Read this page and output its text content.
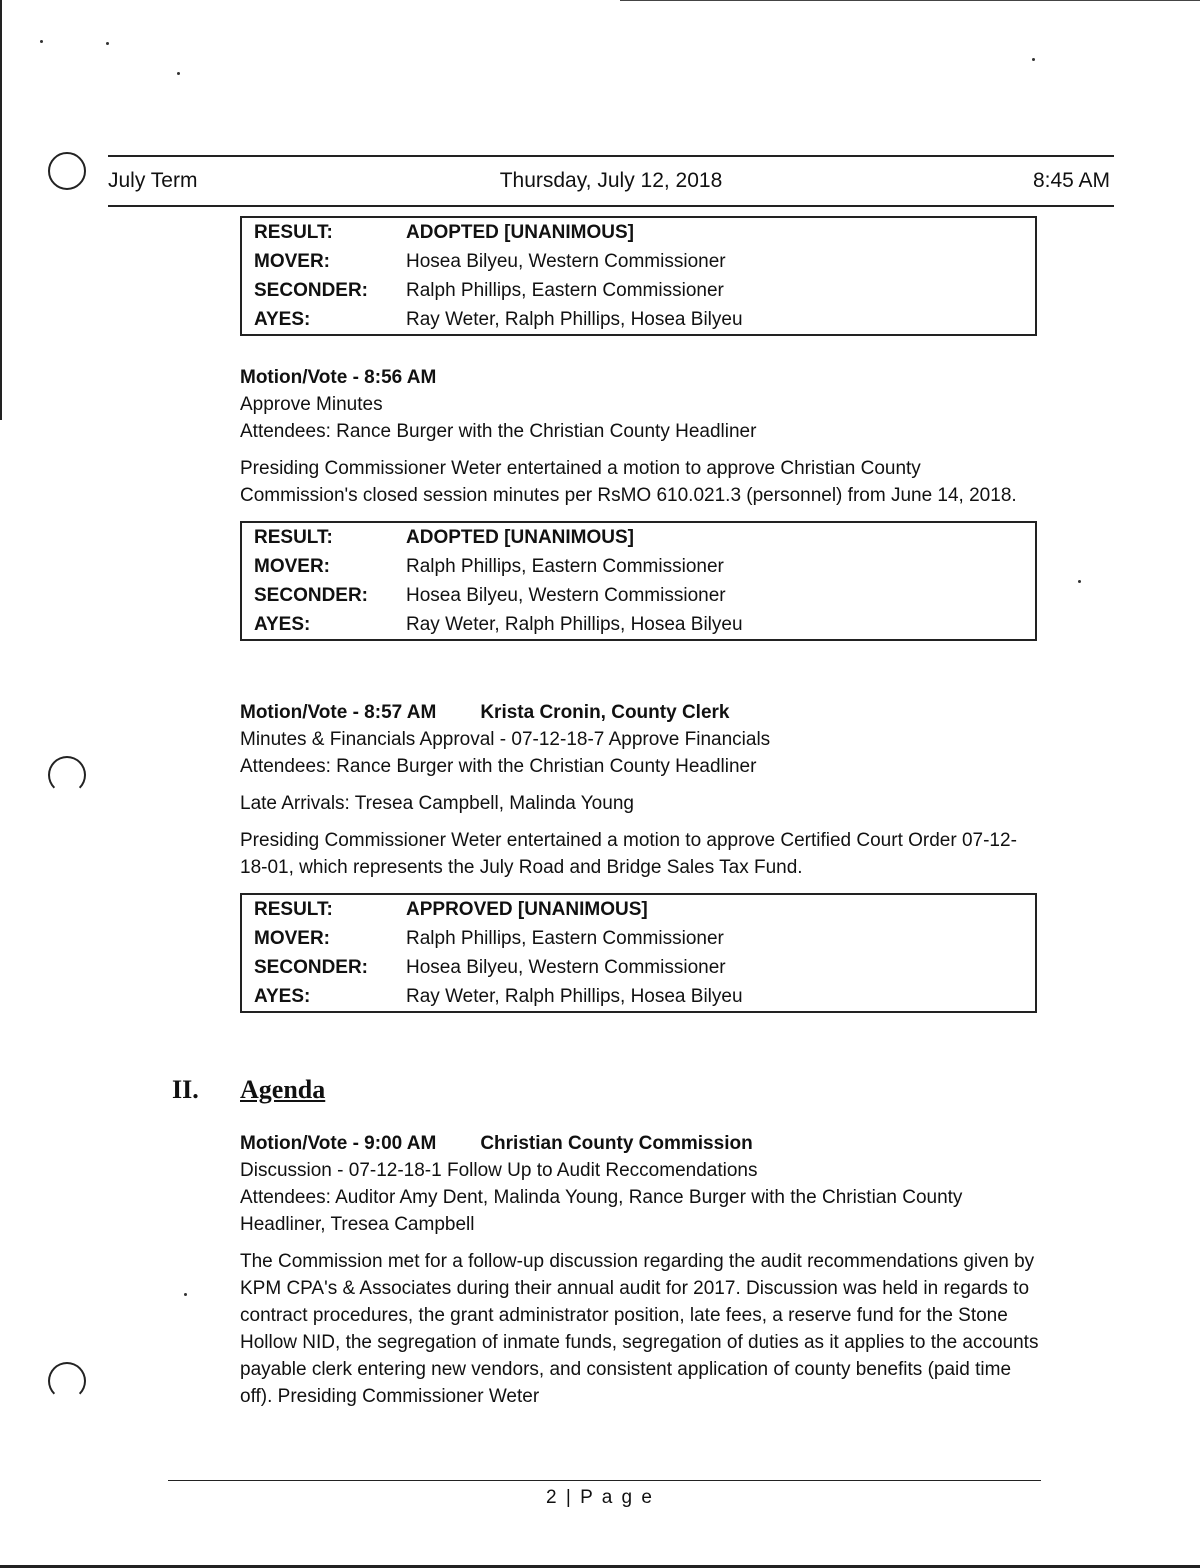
July Term	Thursday, July 12, 2018	8:45 AM
RESULT:	ADOPTED [UNANIMOUS]
MOVER:	Hosea Bilyeu, Western Commissioner
SECONDER:	Ralph Phillips, Eastern Commissioner
AYES:	Ray Weter, Ralph Phillips, Hosea Bilyeu
Motion/Vote - 8:56 AM
Approve Minutes
Attendees: Rance Burger with the Christian County Headliner
Presiding Commissioner Weter entertained a motion to approve Christian County Commission's closed session minutes per RsMO 610.021.3 (personnel) from June 14, 2018.
RESULT:	ADOPTED [UNANIMOUS]
MOVER:	Ralph Phillips, Eastern Commissioner
SECONDER:	Hosea Bilyeu, Western Commissioner
AYES:	Ray Weter, Ralph Phillips, Hosea Bilyeu
Motion/Vote - 8:57 AM Krista Cronin, County Clerk
Minutes & Financials Approval - 07-12-18-7 Approve Financials
Attendees: Rance Burger with the Christian County Headliner
Late Arrivals: Tresea Campbell, Malinda Young
Presiding Commissioner Weter entertained a motion to approve Certified Court Order 07-12-18-01, which represents the July Road and Bridge Sales Tax Fund.
RESULT:	APPROVED [UNANIMOUS]
MOVER:	Ralph Phillips, Eastern Commissioner
SECONDER:	Hosea Bilyeu, Western Commissioner
AYES:	Ray Weter, Ralph Phillips, Hosea Bilyeu
II. Agenda
Motion/Vote - 9:00 AM Christian County Commission
Discussion - 07-12-18-1 Follow Up to Audit Reccomendations
Attendees: Auditor Amy Dent, Malinda Young, Rance Burger with the Christian County Headliner, Tresea Campbell
The Commission met for a follow-up discussion regarding the audit recommendations given by KPM CPA's & Associates during their annual audit for 2017. Discussion was held in regards to contract procedures, the grant administrator position, late fees, a reserve fund for the Stone Hollow NID, the segregation of inmate funds, segregation of duties as it applies to the accounts payable clerk entering new vendors, and consistent application of county benefits (paid time off). Presiding Commissioner Weter
2 | P a g e
